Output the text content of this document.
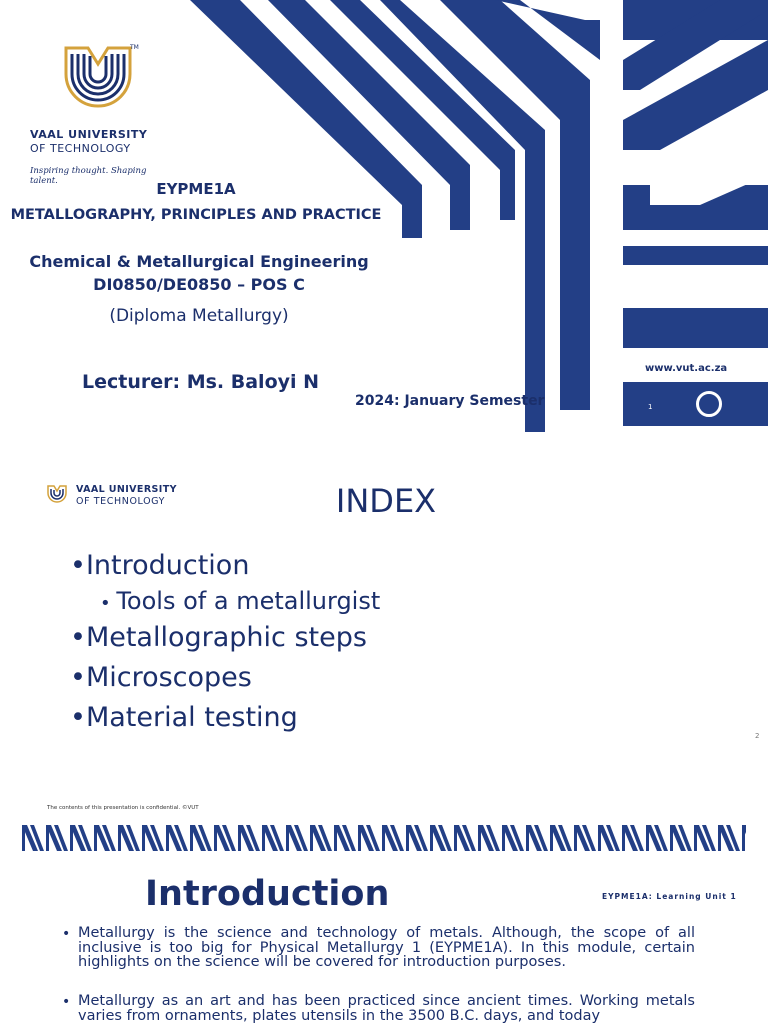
TM
VAAL UNIVERSITY
OF TECHNOLOGY
Inspiring thought. Shaping talent.	EYPME1A
METALLOGRAPHY, PRINCIPLES AND PRACTICE
Chemical & Metallurgical Engineering
DI0850/DE0850 – POS C
(Diploma Metallurgy)
Lecturer: Ms. Baloyi N
2024: January Semester
www.vut.ac.za
1
VAAL UNIVERSITY
OF TECHNOLOGY	INDEX
•Introduction
• Tools of a metallurgist
•Metallographic steps
•Microscopes
•Material testing
2
The contents of this presentation is confidential. ©VUT
Introduction	EYPME1A: Learning Unit 1
• Metallurgy is the science and technology of metals. Although, the scope of all inclusive is too big for Physical Metallurgy 1 (EYPME1A). In this module, certain highlights on the science will be covered for introduction purposes.
• Metallurgy as an art and has been practiced since ancient times. Working metals varies from ornaments, plates utensils in the 3500 B.C. days, and today
